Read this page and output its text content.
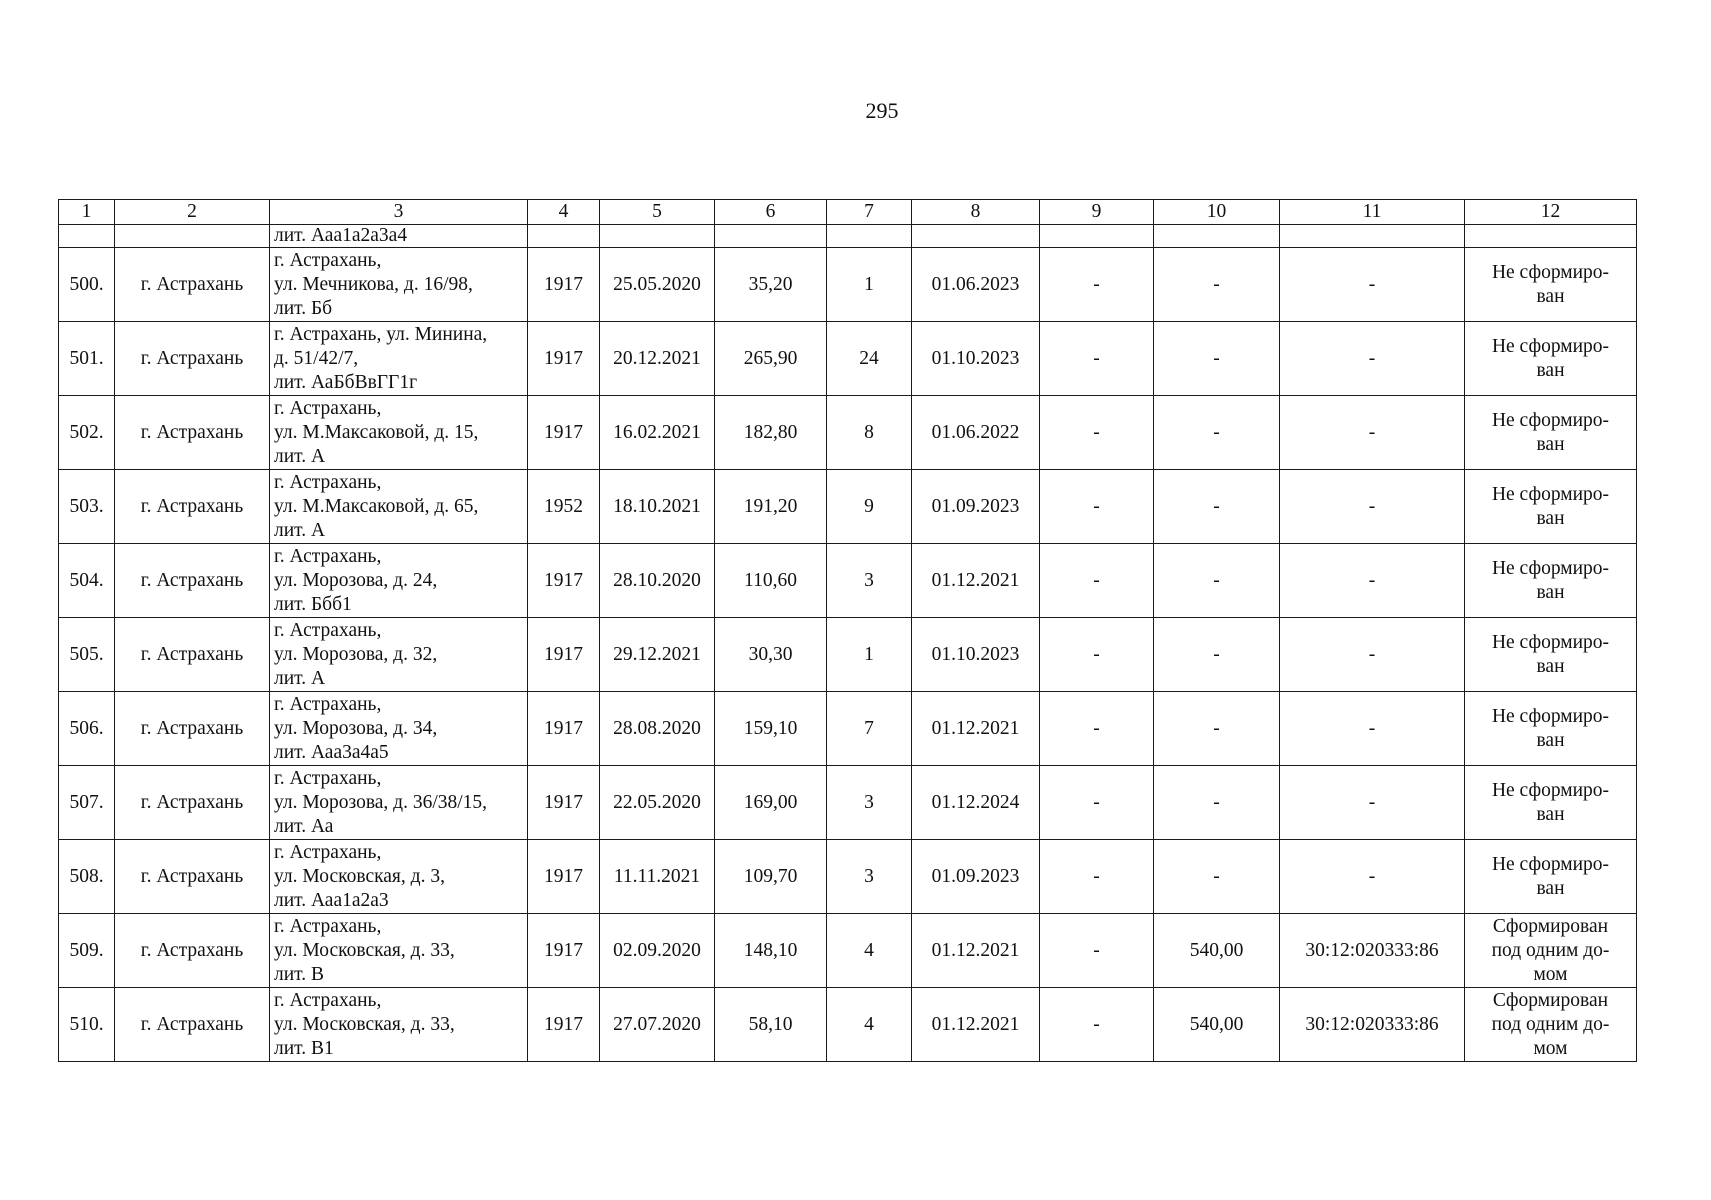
295
1	2	3	4	5	6	7	8	9	10	11	12
		лит. Ааа1а2а3а4									
500.	г. Астрахань	г. Астрахань,
ул. Мечникова, д. 16/98,
лит. Бб	1917	25.05.2020	35,20	1	01.06.2023	-	-	-	Не сформиро-
ван

501.	г. Астрахань	г. Астрахань, ул. Минина,
д. 51/42/7,
лит. АаБбВвГГ1г	1917	20.12.2021	265,90	24	01.10.2023	-	-	-	Не сформиро-
ван

502.	г. Астрахань	г. Астрахань,
ул. М.Максаковой, д. 15,
лит. А	1917	16.02.2021	182,80	8	01.06.2022	-	-	-	Не сформиро-
ван

503.	г. Астрахань	г. Астрахань,
ул. М.Максаковой, д. 65,
лит. А	1952	18.10.2021	191,20	9	01.09.2023	-	-	-	Не сформиро-
ван

504.	г. Астрахань	г. Астрахань,
ул. Морозова, д. 24,
лит. Ббб1	1917	28.10.2020	110,60	3	01.12.2021	-	-	-	Не сформиро-
ван

505.	г. Астрахань	г. Астрахань,
ул. Морозова, д. 32,
лит. А	1917	29.12.2021	30,30	1	01.10.2023	-	-	-	Не сформиро-
ван

506.	г. Астрахань	г. Астрахань,
ул. Морозова, д. 34,
лит. Ааа3а4а5	1917	28.08.2020	159,10	7	01.12.2021	-	-	-	Не сформиро-
ван

507.	г. Астрахань	г. Астрахань,
ул. Морозова, д. 36/38/15,
лит. Аа	1917	22.05.2020	169,00	3	01.12.2024	-	-	-	Не сформиро-
ван

508.	г. Астрахань	г. Астрахань,
ул. Московская, д. 3,
лит. Ааа1а2а3	1917	11.11.2021	109,70	3	01.09.2023	-	-	-	Не сформиро-
ван

509.	г. Астрахань	г. Астрахань,
ул. Московская, д. 33,
лит. В	1917	02.09.2020	148,10	4	01.12.2021	-	540,00	30:12:020333:86	Сформирован
под одним до-
мом

510.	г. Астрахань	г. Астрахань,
ул. Московская, д. 33,
лит. В1	1917	27.07.2020	58,10	4	01.12.2021	-	540,00	30:12:020333:86	Сформирован
под одним до-
мом
